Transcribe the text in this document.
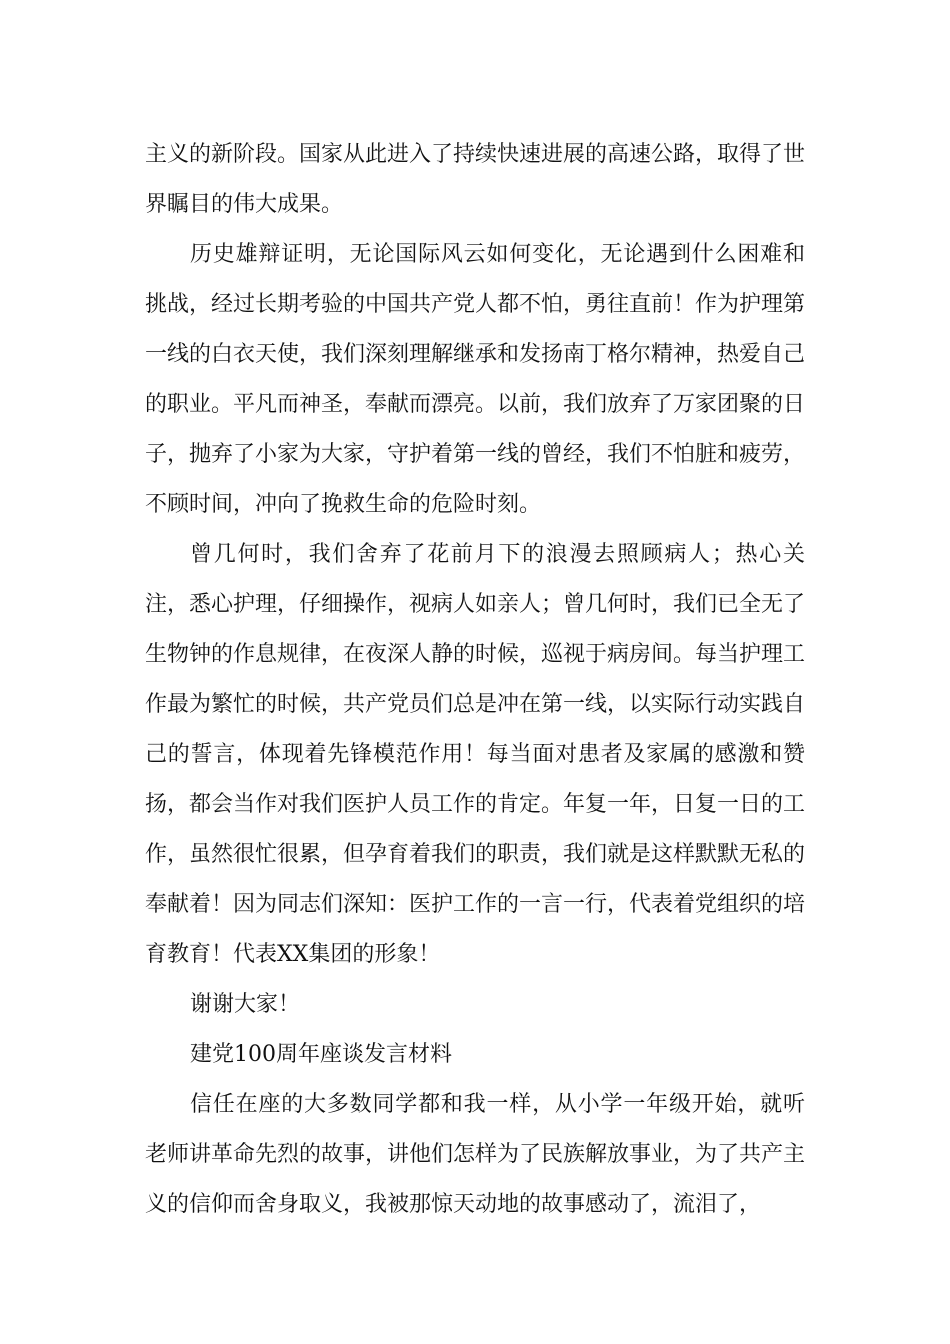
主义的新阶段。国家从此进入了持续快速进展的高速公路，取得了世界瞩目的伟大成果。

历史雄辩证明，无论国际风云如何变化，无论遇到什么困难和挑战，经过长期考验的中国共产党人都不怕，勇往直前！作为护理第一线的白衣天使，我们深刻理解继承和发扬南丁格尔精神，热爱自己的职业。平凡而神圣，奉献而漂亮。以前，我们放弃了万家团聚的日子，抛弃了小家为大家，守护着第一线的曾经，我们不怕脏和疲劳，不顾时间，冲向了挽救生命的危险时刻。

曾几何时，我们舍弃了花前月下的浪漫去照顾病人；热心关注，悉心护理，仔细操作，视病人如亲人；曾几何时，我们已全无了生物钟的作息规律，在夜深人静的时候，巡视于病房间。每当护理工作最为繁忙的时候，共产党员们总是冲在第一线，以实际行动实践自己的誓言，体现着先锋模范作用！每当面对患者及家属的感激和赞扬，都会当作对我们医护人员工作的肯定。年复一年，日复一日的工作，虽然很忙很累，但孕育着我们的职责，我们就是这样默默无私的奉献着！因为同志们深知：医护工作的一言一行，代表着党组织的培育教育！代表XX集团的形象！

谢谢大家！

建党100周年座谈发言材料

信任在座的大多数同学都和我一样，从小学一年级开始，就听老师讲革命先烈的故事，讲他们怎样为了民族解放事业，为了共产主义的信仰而舍身取义，我被那惊天动地的故事感动了，流泪了，
